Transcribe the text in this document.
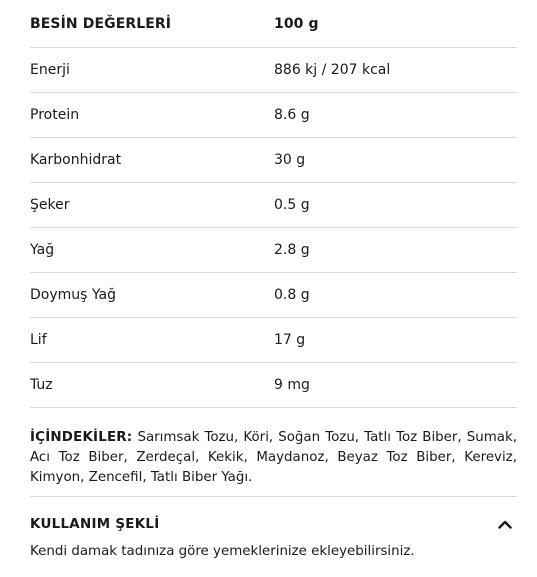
BESİN DEĞERLERİ	100 g
Enerji	886 kj / 207 kcal
Protein	8.6 g
Karbonhidrat	30 g
Şeker	0.5 g
Yağ	2.8 g
Doymuş Yağ	0.8 g
Lif	17 g
Tuz	9 mg
İÇİNDEKİLER: Sarımsak Tozu, Köri, Soğan Tozu, Tatlı Toz Biber, Sumak, Acı Toz Biber, Zerdeçal, Kekik, Maydanoz, Beyaz Toz Biber, Kereviz, Kimyon, Zencefil, Tatlı Biber Yağı.
KULLANIM ŞEKLİ
Kendi damak tadınıza göre yemeklerinize ekleyebilirsiniz.
